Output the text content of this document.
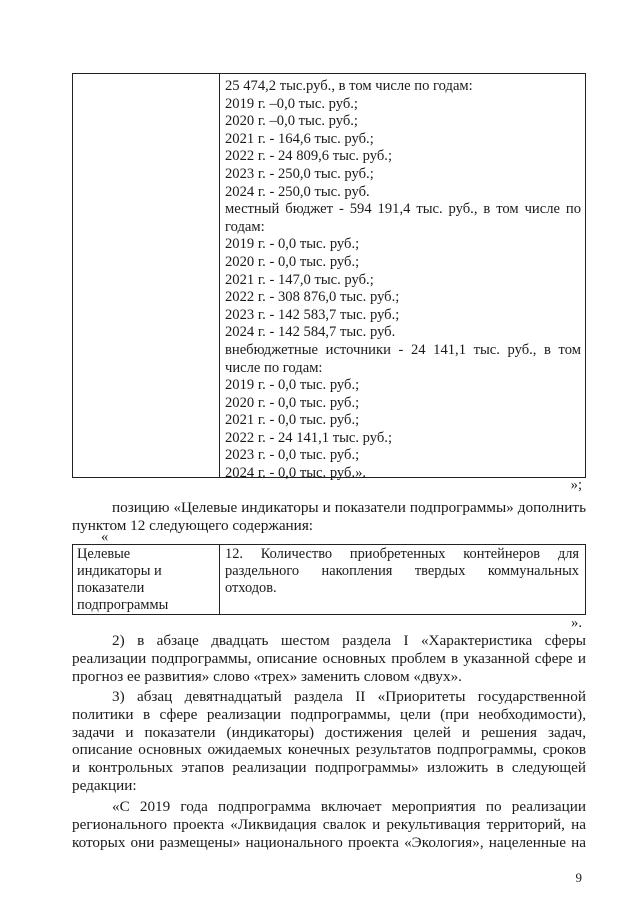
25 474,2 тыс.руб., в том числе по годам:
2019 г. –0,0 тыс. руб.;
2020 г. –0,0 тыс. руб.;
2021 г. - 164,6 тыс. руб.;
2022 г. - 24 809,6 тыс. руб.;
2023 г. - 250,0 тыс. руб.;
2024 г. - 250,0 тыс. руб.
местный бюджет - 594 191,4 тыс. руб., в том числе по
годам:
2019 г. - 0,0 тыс. руб.;
2020 г. - 0,0 тыс. руб.;
2021 г. - 147,0 тыс. руб.;
2022 г. - 308 876,0 тыс. руб.;
2023 г. - 142 583,7 тыс. руб.;
2024 г. - 142 584,7 тыс. руб.
внебюджетные источники - 24 141,1 тыс. руб., в том
числе по годам:
2019 г. - 0,0 тыс. руб.;
2020 г. - 0,0 тыс. руб.;
2021 г. - 0,0 тыс. руб.;
2022 г. - 24 141,1 тыс. руб.;
2023 г. - 0,0 тыс. руб.;
2024 г. - 0,0 тыс. руб.».
»;
позицию «Целевые индикаторы и показатели подпрограммы» дополнить
пунктом 12 следующего содержания:
«
Целевые
индикаторы и
показатели
подпрограммы
12. Количество приобретенных контейнеров для
раздельного накопления твердых коммунальных
отходов.
».
2) в абзаце двадцать шестом раздела I «Характеристика сферы
реализации подпрограммы, описание основных проблем в указанной сфере и
прогноз ее развития» слово «трех» заменить словом «двух».
3) абзац девятнадцатый раздела II «Приоритеты государственной
политики в сфере реализации подпрограммы, цели (при необходимости),
задачи и показатели (индикаторы) достижения целей и решения задач,
описание основных ожидаемых конечных результатов подпрограммы, сроков
и контрольных этапов реализации подпрограммы» изложить в следующей
редакции:
«С 2019 года подпрограмма включает мероприятия по реализации
регионального проекта «Ликвидация свалок и рекультивация территорий, на
которых они размещены» национального проекта «Экология», нацеленные на
9
